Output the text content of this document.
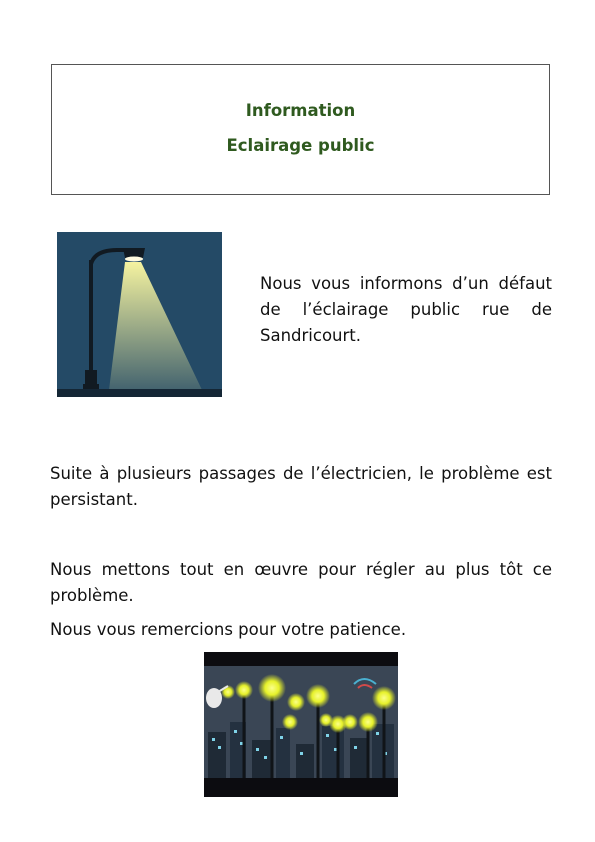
Information
Eclairage public
Nous vous informons d’un défaut de l’éclairage public rue de Sandricourt.
Suite à plusieurs passages de l’électricien, le problème est persistant.
Nous mettons tout en œuvre pour régler au plus tôt ce problème.
Nous vous remercions pour votre patience.
